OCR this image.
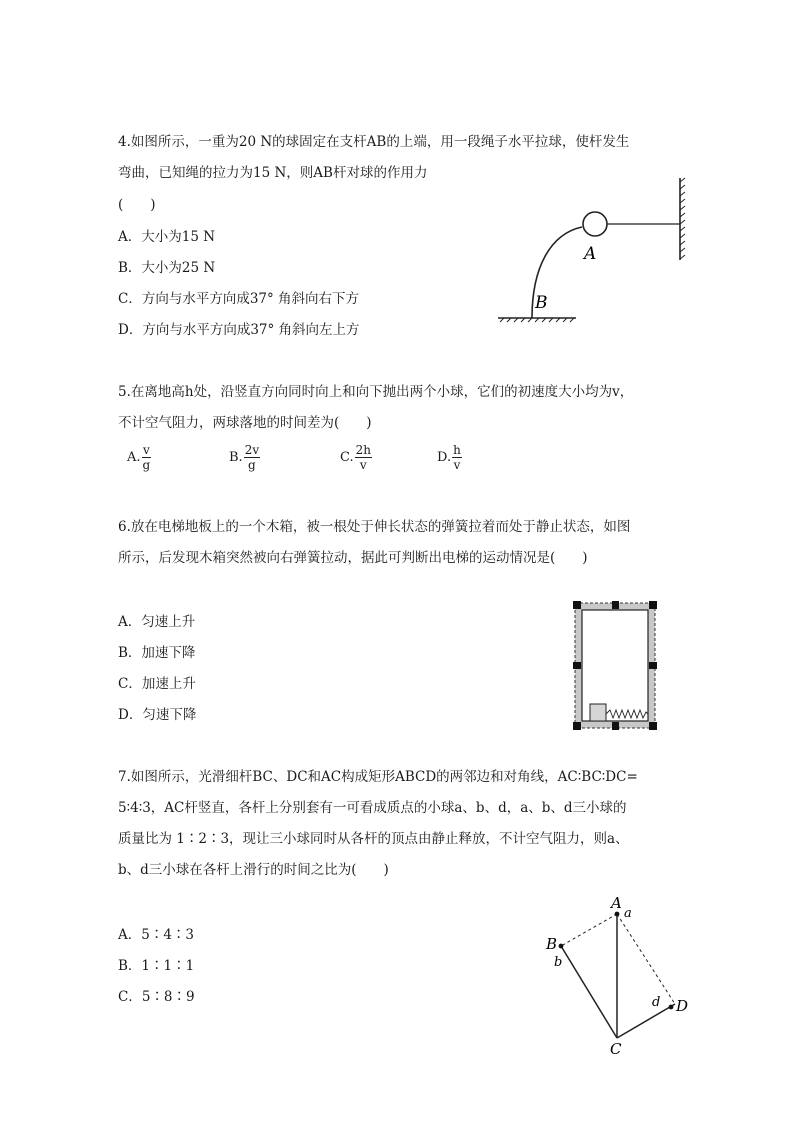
4.如图所示，一重为20 N的球固定在支杆AB的上端，用一段绳子水平拉球，使杆发生
弯曲，已知绳的拉力为15 N，则AB杆对球的作用力
(　　)
A．大小为15 N
B．大小为25 N
C．方向与水平方向成37° 角斜向右下方
D．方向与水平方向成37° 角斜向左上方
A
B
5.在离地高h处，沿竖直方向同时向上和向下抛出两个小球，它们的初速度大小均为v，
不计空气阻力，两球落地的时间差为(　　)
A. $\frac{v}{g}$	B. $\frac{2v}{g}$	C. $\frac{2h}{v}$	D. $\frac{h}{v}$
6.放在电梯地板上的一个木箱，被一根处于伸长状态的弹簧拉着而处于静止状态，如图
所示，后发现木箱突然被向右弹簧拉动，据此可判断出电梯的运动情况是(　　)
A．匀速上升
B．加速下降
C．加速上升
D．匀速下降
7.如图所示，光滑细杆BC、DC和AC构成矩形ABCD的两邻边和对角线，AC∶BC∶DC=
5∶4∶3，AC杆竖直，各杆上分别套有一可看成质点的小球a、b、d，a、b、d三小球的
质量比为 1∶2∶3，现让三小球同时从各杆的顶点由静止释放，不计空气阻力，则a、
b、d三小球在各杆上滑行的时间之比为(　　)
A．5∶4∶3
B．1∶1∶1
C．5∶8∶9
A
a
B
b
C
D
d
